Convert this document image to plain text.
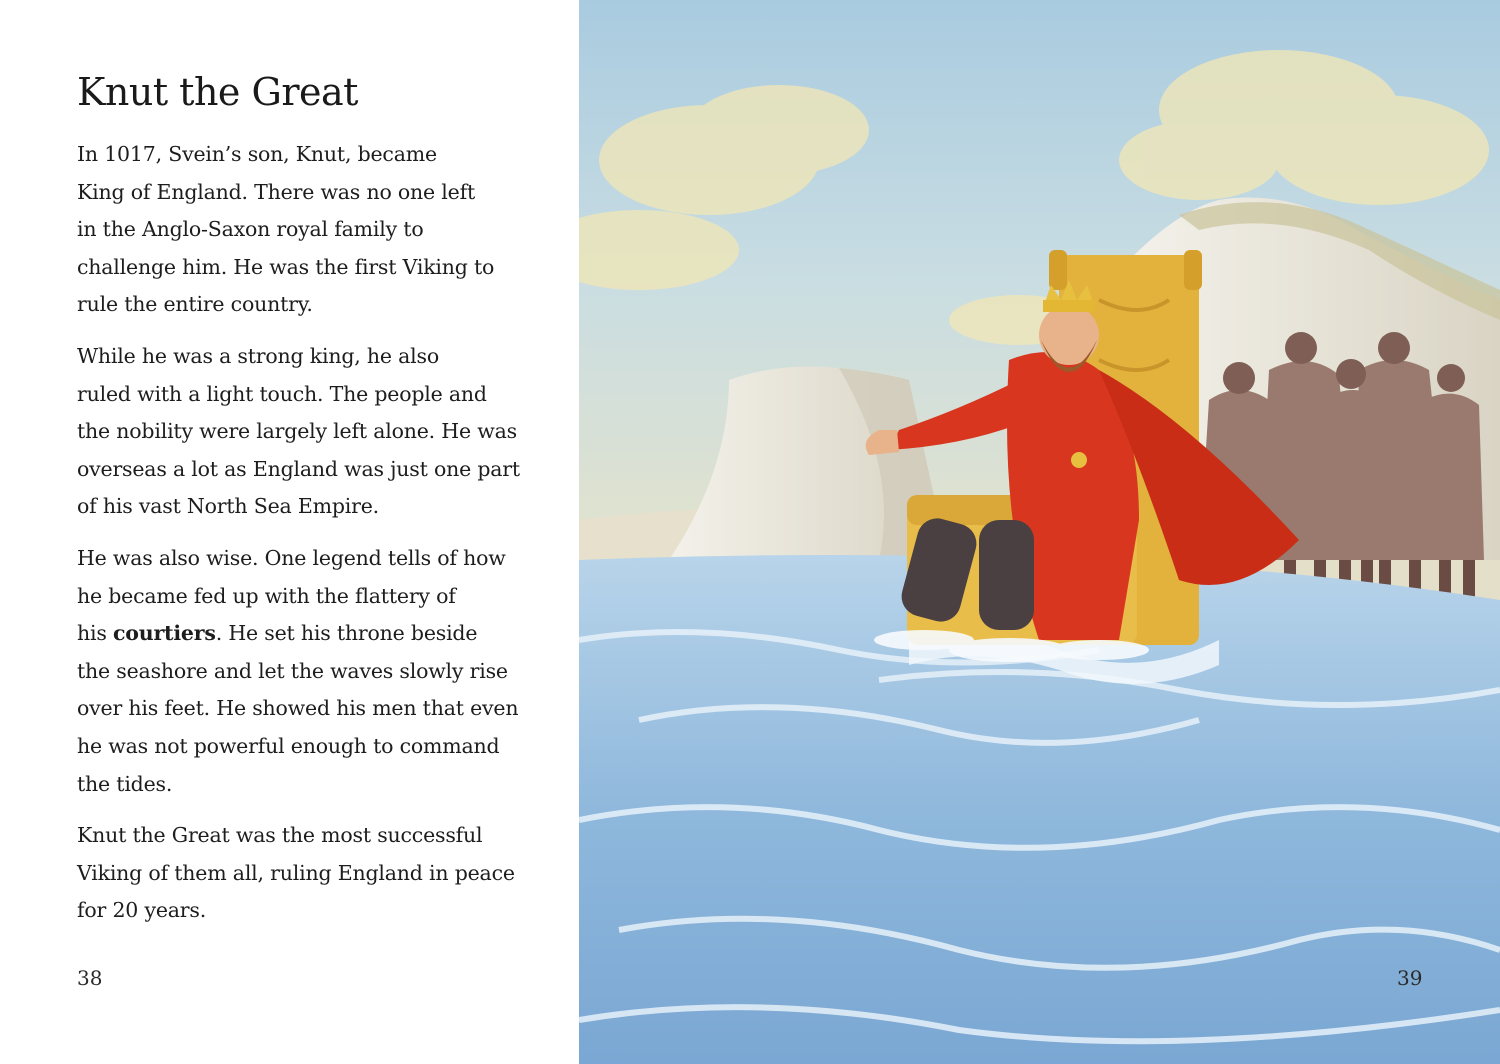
Knut the Great

In 1017, Svein’s son, Knut, became
King of England. There was no one left
in the Anglo-Saxon royal family to
challenge him. He was the first Viking to
rule the entire country.

While he was a strong king, he also
ruled with a light touch. The people and
the nobility were largely left alone. He was
overseas a lot as England was just one part
of his vast North Sea Empire.

He was also wise. One legend tells of how
he became fed up with the flattery of
his courtiers. He set his throne beside
the seashore and let the waves slowly rise
over his feet. He showed his men that even
he was not powerful enough to command
the tides.

Knut the Great was the most successful
Viking of them all, ruling England in peace
for 20 years.

38	39
